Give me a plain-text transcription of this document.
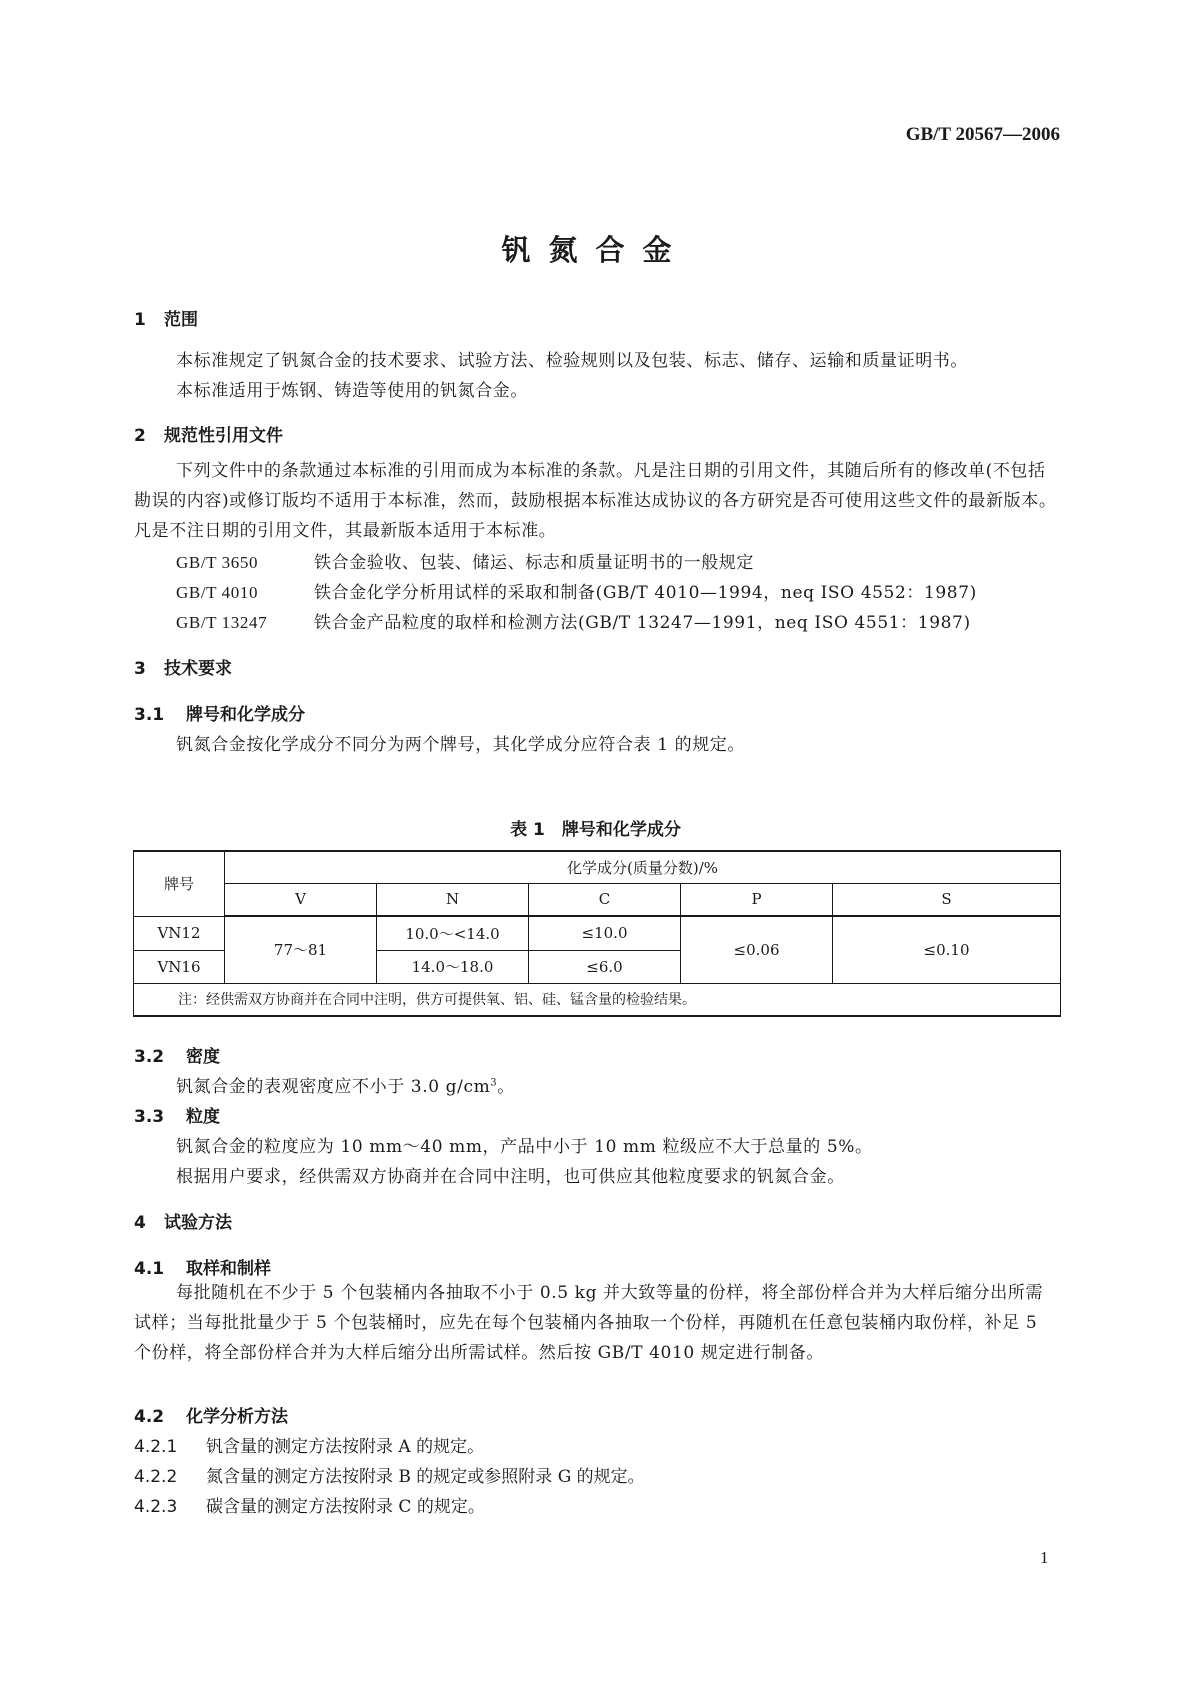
GB/T 20567—2006
钒氮合金
1 范围
本标准规定了钒氮合金的技术要求、试验方法、检验规则以及包装、标志、储存、运输和质量证明书。
本标准适用于炼钢、铸造等使用的钒氮合金。
2 规范性引用文件
下列文件中的条款通过本标准的引用而成为本标准的条款。凡是注日期的引用文件，其随后所有的修改单(不包括勘误的内容)或修订版均不适用于本标准，然而，鼓励根据本标准达成协议的各方研究是否可使用这些文件的最新版本。凡是不注日期的引用文件，其最新版本适用于本标准。
GB/T 3650	铁合金验收、包装、储运、标志和质量证明书的一般规定
GB/T 4010	铁合金化学分析用试样的采取和制备(GB/T 4010—1994，neq ISO 4552：1987)
GB/T 13247	铁合金产品粒度的取样和检测方法(GB/T 13247—1991，neq ISO 4551：1987)
3 技术要求
3.1 牌号和化学成分
钒氮合金按化学成分不同分为两个牌号，其化学成分应符合表 1 的规定。
表 1　牌号和化学成分
牌号	化学成分(质量分数)/%				
	V	N	C	P	S
VN12	77～81	10.0～<14.0	≤10.0	≤0.06	≤0.10
VN16		14.0～18.0	≤6.0		
注：经供需双方协商并在合同中注明，供方可提供氧、铝、硅、锰含量的检验结果。					
3.2 密度
钒氮合金的表观密度应不小于 3.0 $g/cm^3$。
3.3 粒度
钒氮合金的粒度应为 10 mm～40 mm，产品中小于 10 mm 粒级应不大于总量的 5%。
根据用户要求，经供需双方协商并在合同中注明，也可供应其他粒度要求的钒氮合金。
4 试验方法
4.1 取样和制样
每批随机在不少于 5 个包装桶内各抽取不小于 0.5 kg 并大致等量的份样，将全部份样合并为大样后缩分出所需试样；当每批批量少于 5 个包装桶时，应先在每个包装桶内各抽取一个份样，再随机在任意包装桶内取份样，补足 5 个份样，将全部份样合并为大样后缩分出所需试样。然后按 GB/T 4010 规定进行制备。
4.2 化学分析方法
4.2.1 钒含量的测定方法按附录 A 的规定。
4.2.2 氮含量的测定方法按附录 B 的规定或参照附录 G 的规定。
4.2.3 碳含量的测定方法按附录 C 的规定。
1
